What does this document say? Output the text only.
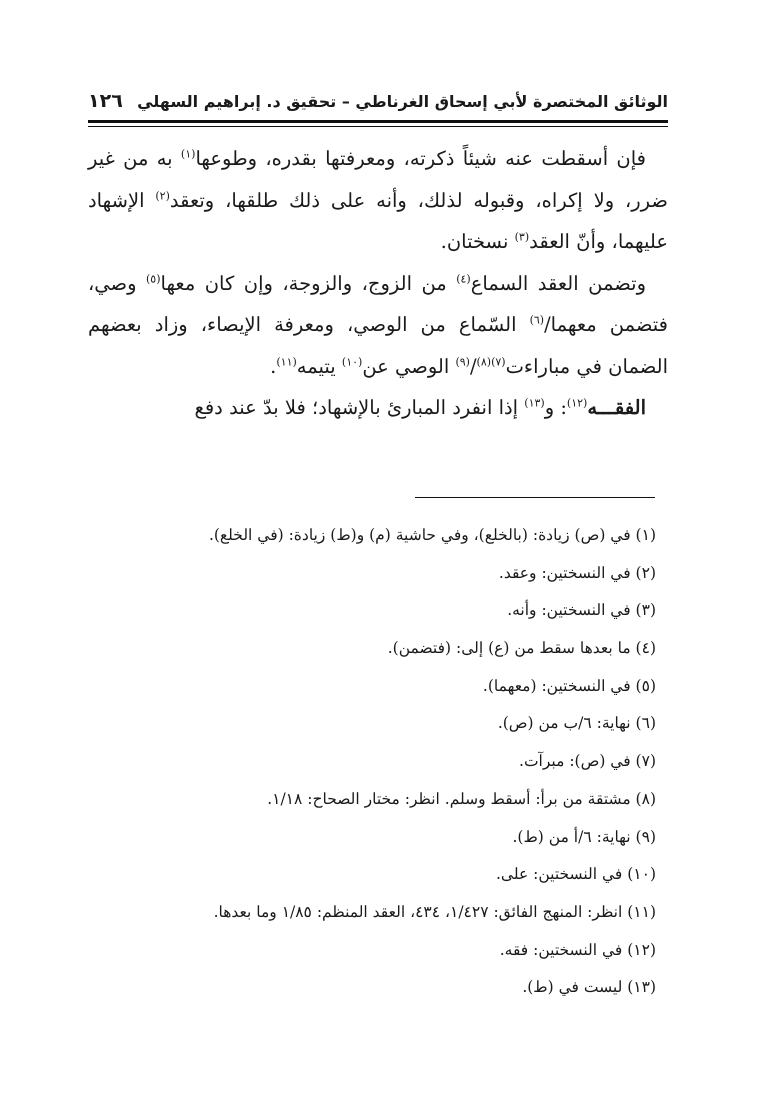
١٢٦ الوثائق المختصرة لأبي إسحاق الغرناطي – تحقيق د. إبراهيم السهلي

فإن أسقطت عنه شيئاً ذكرته، ومعرفتها بقدره، وطوعها$^{(١)}$ به من غير ضرر، ولا إكراه، وقبوله لذلك، وأنه على ذلك طلقها، وتعقد$^{(٢)}$ الإشهاد عليهما، وأنّ العقد$^{(٣)}$ نسختان.

وتضمن العقد السماع$^{(٤)}$ من الزوج، والزوجة، وإن كان معها$^{(٥)}$ وصي، فتضمن معهما/$^{(٦)}$ السّماع من الوصي، ومعرفة الإيصاء، وزاد بعضهم الضمان في مباراءت$^{(٧)(٨)}$/$^{(٩)}$ الوصي عن$^{(١٠)}$ يتيمه$^{(١١)}$.

الفقـــه$^{(١٢)}$: و$^{(١٣)}$ إذا انفرد المبارئ بالإشهاد؛ فلا بدّ عند دفع

(١) في (ص) زيادة: (بالخلع)، وفي حاشية (م) و(ط) زيادة: (في الخلع).
(٢) في النسختين: وعقد.
(٣) في النسختين: وأنه.
(٤) ما بعدها سقط من (ع) إلى: (فتضمن).
(٥) في النسختين: (معهما).
(٦) نهاية: ٦/ب من (ص).
(٧) في (ص): مبرآت.
(٨) مشتقة من برأ: أسقط وسلم. انظر: مختار الصحاح: ١/١٨.
(٩) نهاية: ٦/أ من (ط).
(١٠) في النسختين: على.
(١١) انظر: المنهج الفائق: ١/٤٢٧، ٤٣٤، العقد المنظم: ١/٨٥ وما بعدها.
(١٢) في النسختين: فقه.
(١٣) ليست في (ط).
